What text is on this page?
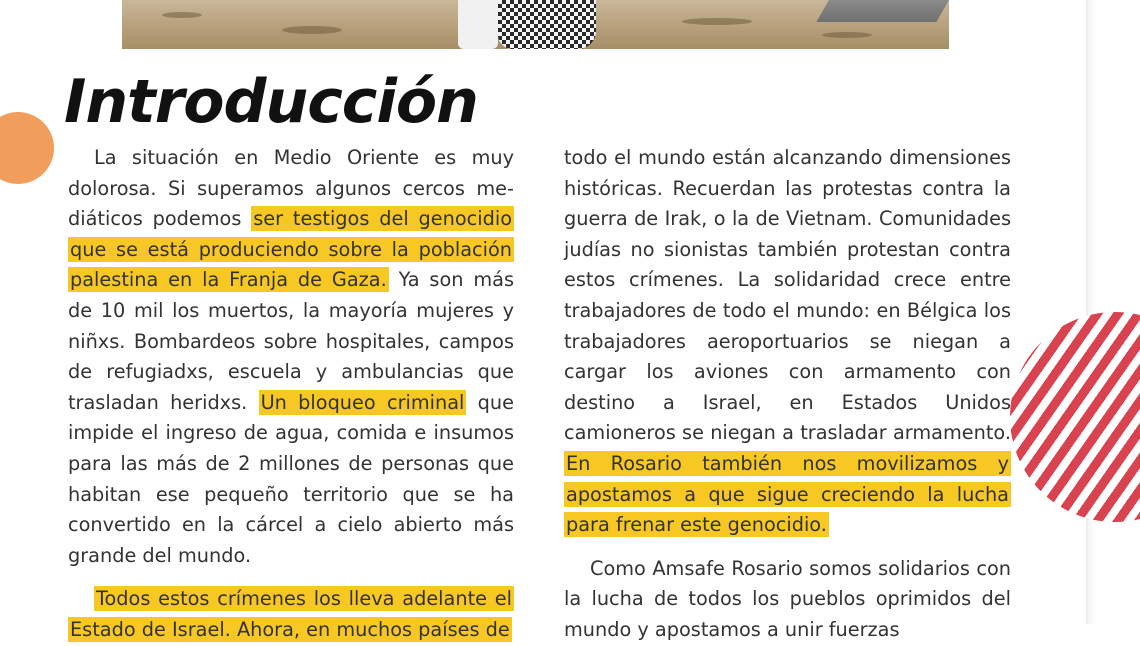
Introducción

La situación en Medio Oriente es muy dolorosa. Si superamos algunos cercos mediáticos podemos ser testigos del genocidio que se está produciendo sobre la población palestina en la Franja de Gaza. Ya son más de 10 mil los muertos, la mayoría mujeres y niñxs. Bombardeos sobre hospitales, campos de refugiadxs, escuela y ambulancias que trasladan heridxs. Un bloqueo criminal que impide el ingreso de agua, comida e insumos para las más de 2 millones de personas que habitan ese pequeño territorio que se ha convertido en la cárcel a cielo abierto más grande del mundo.

Todos estos crímenes los lleva adelante el Estado de Israel. Ahora, en muchos países de

todo el mundo están alcanzando dimensiones históricas. Recuerdan las protestas contra la guerra de Irak, o la de Vietnam. Comunidades judías no sionistas también protestan contra estos crímenes. La solidaridad crece entre trabajadores de todo el mundo: en Bélgica los trabajadores aeroportuarios se niegan a cargar los aviones con armamento con destino a Israel, en Estados Unidos camioneros se niegan a trasladar armamento. En Rosario también nos movilizamos y apostamos a que sigue creciendo la lucha para frenar este genocidio.

Como Amsafe Rosario somos solidarios con la lucha de todos los pueblos oprimidos del mundo y apostamos a unir fuerzas
